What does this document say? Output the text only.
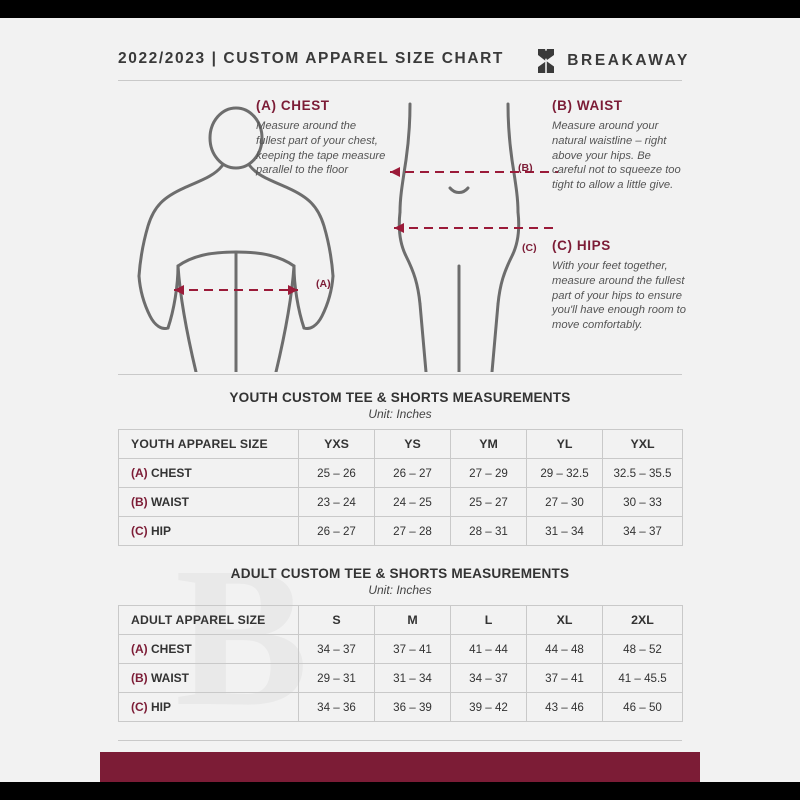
2022/2023 | CUSTOM APPAREL SIZE CHART	BREAKAWAY
(A)
(B)
(C)

(A) CHEST

Measure around the fullest part of your chest, keeping the tape measure parallel to the floor

(B) WAIST

Measure around your natural waistline – right above your hips. Be careful not to squeeze too tight to allow a little give.

(C) HIPS

With your feet together, measure around the fullest part of your hips to ensure you'll have enough room to move comfortably.

YOUTH CUSTOM TEE & SHORTS MEASUREMENTS

Unit: Inches

YOUTH APPAREL SIZE	YXS	YS	YM	YL	YXL
(A) CHEST	25 – 26	26 – 27	27 – 29	29 – 32.5	32.5 – 35.5
(B) WAIST	23 – 24	24 – 25	25 – 27	27 – 30	30 – 33
(C) HIP	26 – 27	27 – 28	28 – 31	31 – 34	34 – 37

ADULT CUSTOM TEE & SHORTS MEASUREMENTS

Unit: Inches

ADULT APPAREL SIZE	S	M	L	XL	2XL
(A) CHEST	34 – 37	37 – 41	41 – 44	44 – 48	48 – 52
(B) WAIST	29 – 31	31 – 34	34 – 37	37 – 41	41 – 45.5
(C) HIP	34 – 36	36 – 39	39 – 42	43 – 46	46 – 50
